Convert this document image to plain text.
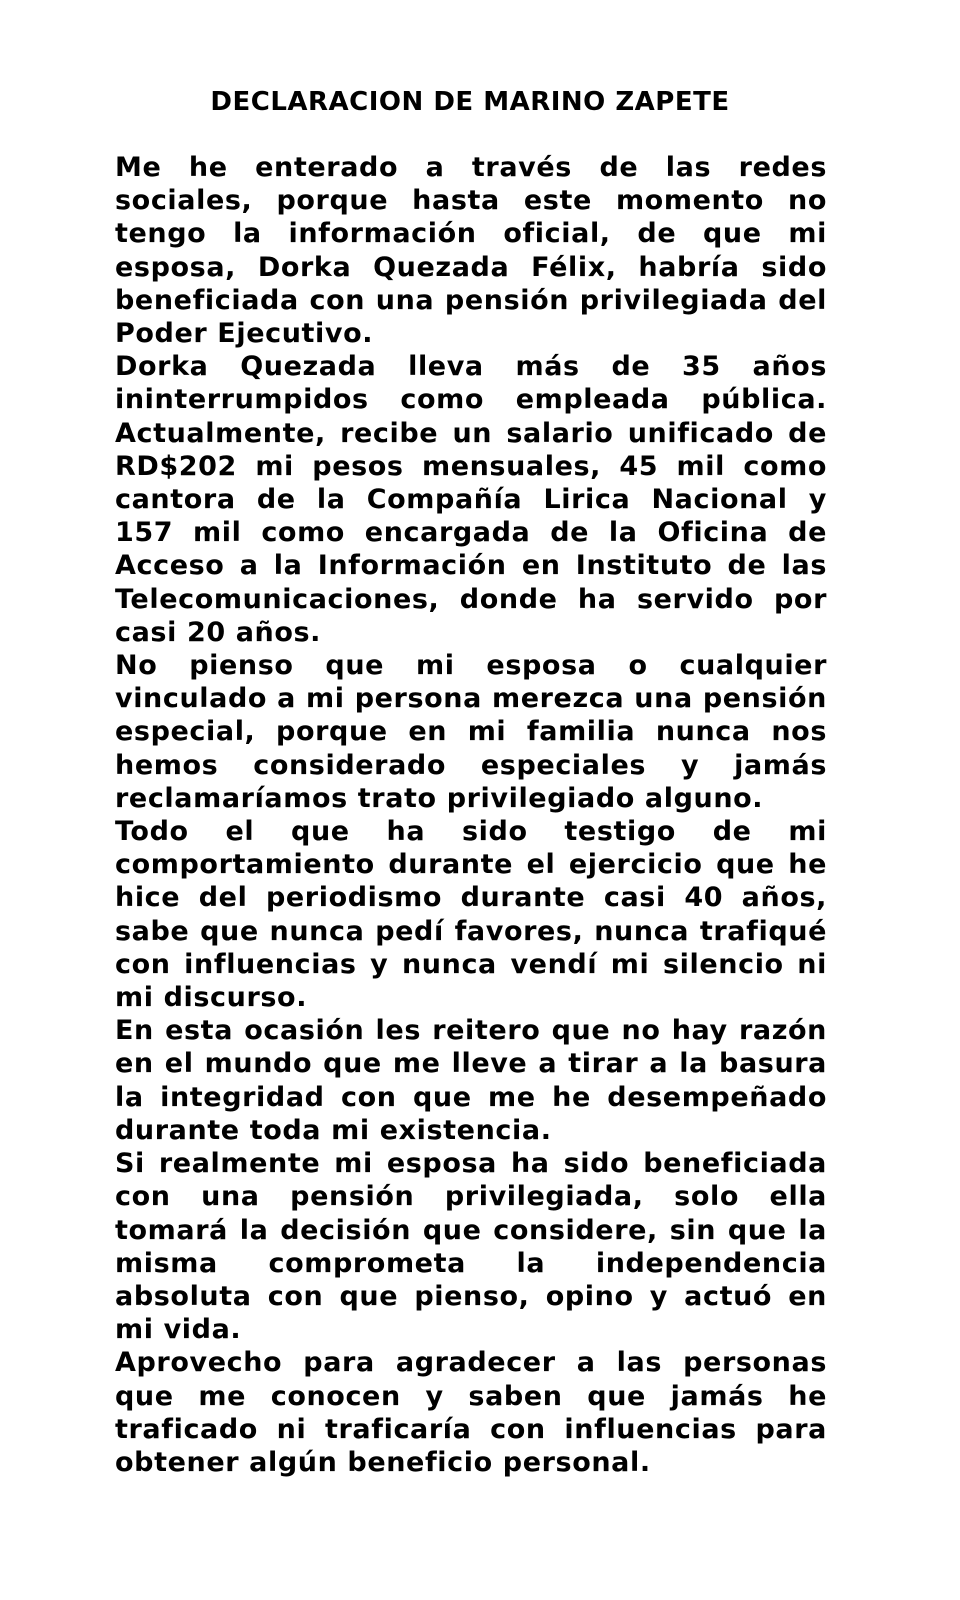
DECLARACION DE MARINO ZAPETE

Me he enterado a través de las redes sociales, porque hasta este momento no tengo la información oficial, de que mi esposa, Dorka Quezada Félix, habría sido beneficiada con una pensión privilegiada del Poder Ejecutivo.

Dorka Quezada lleva más de 35 años ininterrumpidos como empleada pública. Actualmente, recibe un salario unificado de RD$202 mi pesos mensuales, 45 mil como cantora de la Compañía Lirica Nacional y 157 mil como encargada de la Oficina de Acceso a la Información en Instituto de las Telecomunicaciones, donde ha servido por casi 20 años.

No pienso que mi esposa o cualquier vinculado a mi persona merezca una pensión especial, porque en mi familia nunca nos hemos considerado especiales y jamás reclamaríamos trato privilegiado alguno.

Todo el que ha sido testigo de mi comportamiento durante el ejercicio que he hice del periodismo durante casi 40 años, sabe que nunca pedí favores, nunca trafiqué con influencias y nunca vendí mi silencio ni mi discurso.

En esta ocasión les reitero que no hay razón en el mundo que me lleve a tirar a la basura la integridad con que me he desempeñado durante toda mi existencia.

Si realmente mi esposa ha sido beneficiada con una pensión privilegiada, solo ella tomará la decisión que considere, sin que la misma comprometa la independencia absoluta con que pienso, opino y actuó en mi vida.

Aprovecho para agradecer a las personas que me conocen y saben que jamás he traficado ni traficaría con influencias para obtener algún beneficio personal.
